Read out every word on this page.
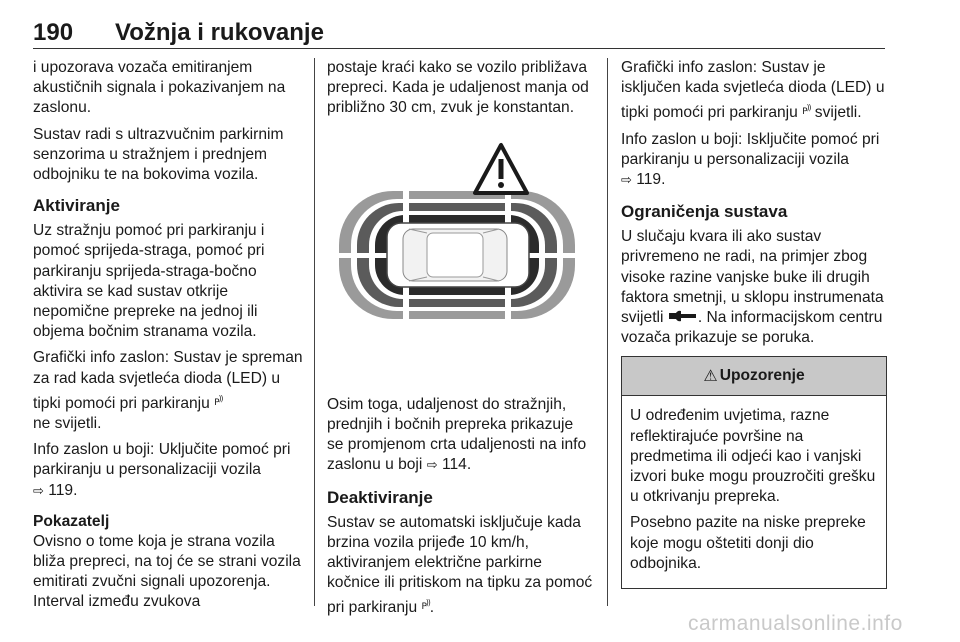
190 Vožnja i rukovanje

i upozorava vozača emitiranjem akustičnih signala i pokazivanjem na zaslonu.

Sustav radi s ultrazvučnim parkirnim senzorima u stražnjem i prednjem odbojniku te na bokovima vozila.

Aktiviranje

Uz stražnju pomoć pri parkiranju i pomoć sprijeda-straga, pomoć pri parkiranju sprijeda-straga-bočno aktivira se kad sustav otkrije nepomične prepreke na jednoj ili objema bočnim stranama vozila.

Grafički info zaslon: Sustav je spreman za rad kada svjetleća dioda (LED) u tipki pomoći pri parkiranju P))
ne svijetli.

Info zaslon u boji: Uključite pomoć pri parkiranju u personalizaciji vozila
⇨ 119.

Pokazatelj

Ovisno o tome koja je strana vozila bliža prepreci, na toj će se strani vozila emitirati zvučni signali upozorenja. Interval između zvukova

postaje kraći kako se vozilo približava prepreci. Kada je udaljenost manja od približno 30 cm, zvuk je konstantan.

Osim toga, udaljenost do stražnjih, prednjih i bočnih prepreka prikazuje se promjenom crta udaljenosti na info zaslonu u boji ⇨ 114.

Deaktiviranje

Sustav se automatski isključuje kada brzina vozila prijeđe 10 km/h, aktiviranjem električne parkirne kočnice ili pritiskom na tipku za pomoć pri parkiranju P)).

Grafički info zaslon: Sustav je isključen kada svjetleća dioda (LED) u tipki pomoći pri parkiranju P)) svijetli.

Info zaslon u boji: Isključite pomoć pri parkiranju u personalizaciji vozila
⇨ 119.

Ograničenja sustava

U slučaju kvara ili ako sustav privremeno ne radi, na primjer zbog visoke razine vanjske buke ili drugih faktora smetnji, u sklopu instrumenata svijetli . Na informacijskom centru vozača prikazuje se poruka.

⚠ Upozorenje

U određenim uvjetima, razne reflektirajuće površine na predmetima ili odjeći kao i vanjski izvori buke mogu prouzročiti grešku u otkrivanju prepreka.

Posebno pazite na niske prepreke koje mogu oštetiti donji dio odbojnika.

carmanualsonline.info
